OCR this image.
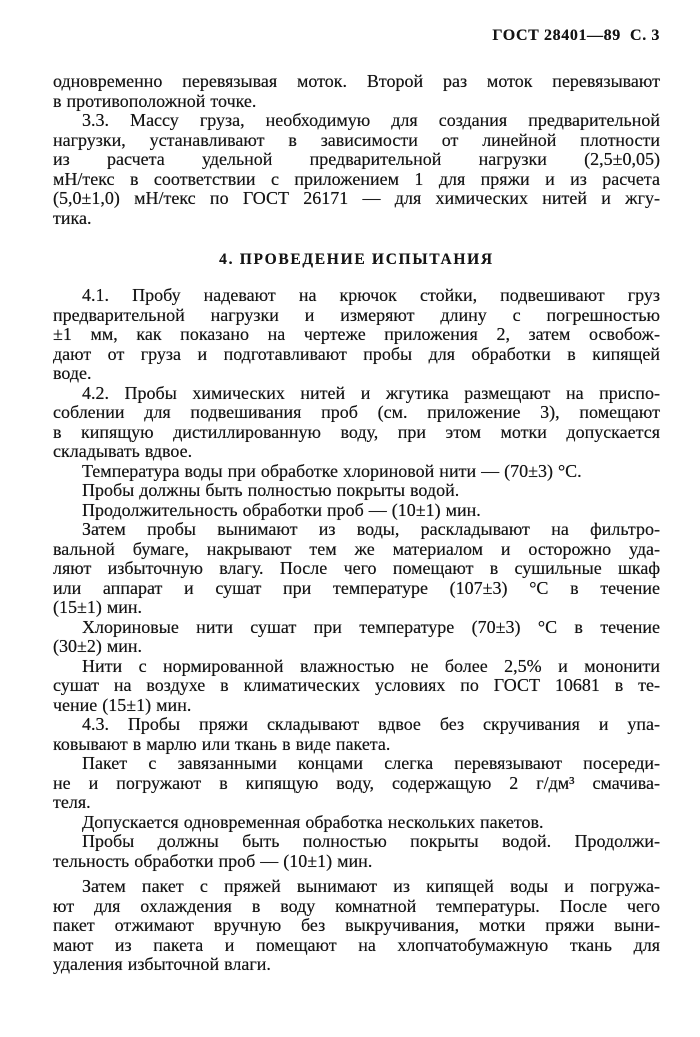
ГОСТ 28401—89  С. 3
одновременно перевязывая моток. Второй раз моток перевязывают
в противоположной точке.
3.3. Массу груза, необходимую для создания предварительной
нагрузки, устанавливают в зависимости от линейной плотности
из расчета удельной предварительной нагрузки (2,5±0,05)
мН/текс в соответствии с приложением 1 для пряжи и из расчета
(5,0±1,0) мН/текс по ГОСТ 26171 — для химических нитей и жгу-
тика.
4. ПРОВЕДЕНИЕ ИСПЫТАНИЯ
4.1. Пробу надевают на крючок стойки, подвешивают груз
предварительной нагрузки и измеряют длину с погрешностью
±1 мм, как показано на чертеже приложения 2, затем освобож-
дают от груза и подготавливают пробы для обработки в кипящей
воде.
4.2. Пробы химических нитей и жгутика размещают на приспо-
соблении для подвешивания проб (см. приложение 3), помещают
в кипящую дистиллированную воду, при этом мотки допускается
складывать вдвое.
Температура воды при обработке хлориновой нити — (70±3) °С.
Пробы должны быть полностью покрыты водой.
Продолжительность обработки проб — (10±1) мин.
Затем пробы вынимают из воды, раскладывают на фильтро-
вальной бумаге, накрывают тем же материалом и осторожно уда-
ляют избыточную влагу. После чего помещают в сушильные шкаф
или аппарат и сушат при температуре (107±3) °С в течение
(15±1) мин.
Хлориновые нити сушат при температуре (70±3) °С в течение
(30±2) мин.
Нити с нормированной влажностью не более 2,5% и мононити
сушат на воздухе в климатических условиях по ГОСТ 10681 в те-
чение (15±1) мин.
4.3. Пробы пряжи складывают вдвое без скручивания и упа-
ковывают в марлю или ткань в виде пакета.
Пакет с завязанными концами слегка перевязывают посереди-
не и погружают в кипящую воду, содержащую 2 г/дм³ смачива-
теля.
Допускается одновременная обработка нескольких пакетов.
Пробы должны быть полностью покрыты водой. Продолжи-
тельность обработки проб — (10±1) мин.
Затем пакет с пряжей вынимают из кипящей воды и погружа-
ют для охлаждения в воду комнатной температуры. После чего
пакет отжимают вручную без выкручивания, мотки пряжи выни-
мают из пакета и помещают на хлопчатобумажную ткань для
удаления избыточной влаги.
